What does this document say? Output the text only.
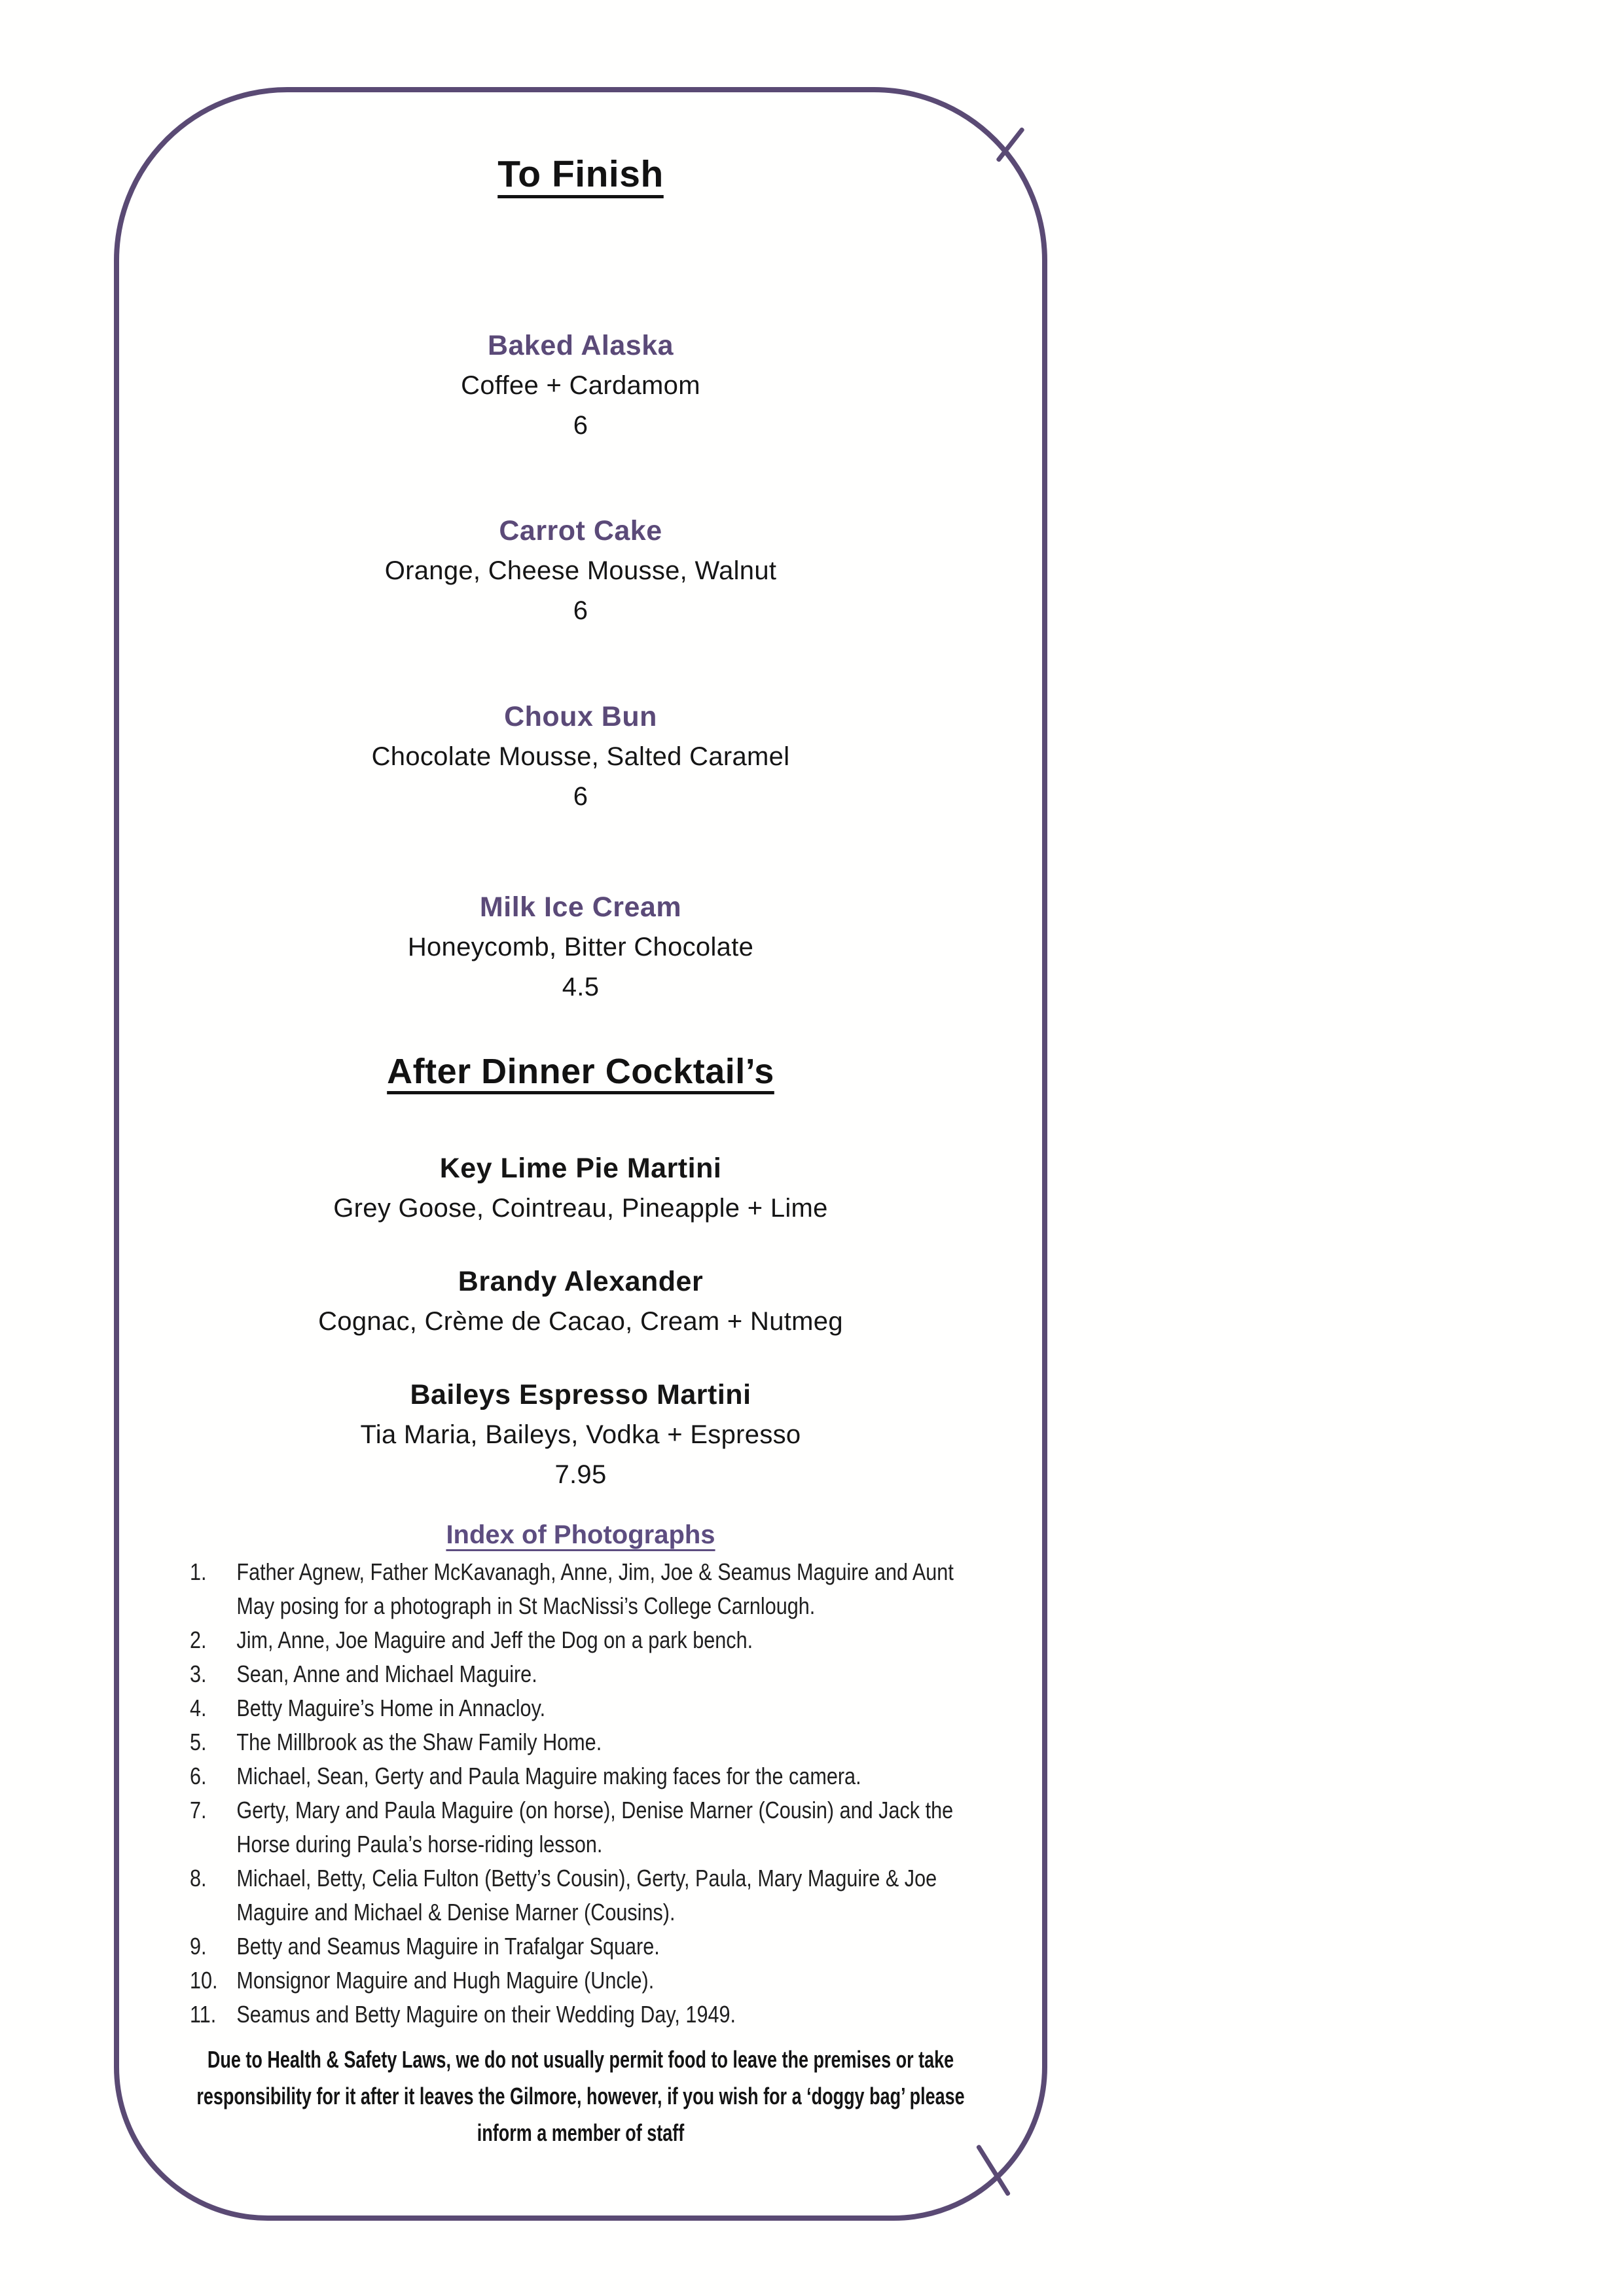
To Finish
Baked Alaska
Coffee + Cardamom
6
Carrot Cake
Orange, Cheese Mousse, Walnut
6
Choux Bun
Chocolate Mousse, Salted Caramel
6
Milk Ice Cream
Honeycomb, Bitter Chocolate
4.5
After Dinner Cocktail’s
Key Lime Pie Martini
Grey Goose, Cointreau, Pineapple + Lime
Brandy Alexander
Cognac, Crème de Cacao, Cream + Nutmeg
Baileys Espresso Martini
Tia Maria, Baileys, Vodka + Espresso
7.95
Index of Photographs
1.	Father Agnew, Father McKavanagh, Anne, Jim, Joe & Seamus Maguire and Aunt May posing for a photograph in St MacNissi’s College Carnlough.
2.	Jim, Anne, Joe Maguire and Jeff the Dog on a park bench.
3.	Sean, Anne and Michael Maguire.
4.	Betty Maguire’s Home in Annacloy.
5.	The Millbrook as the Shaw Family Home.
6.	Michael, Sean, Gerty and Paula Maguire making faces for the camera.
7.	Gerty, Mary and Paula Maguire (on horse), Denise Marner (Cousin) and Jack the Horse during Paula’s horse-riding lesson.
8.	Michael, Betty, Celia Fulton (Betty’s Cousin), Gerty, Paula, Mary Maguire & Joe Maguire and Michael & Denise Marner (Cousins).
9.	Betty and Seamus Maguire in Trafalgar Square.
10. Monsignor Maguire and Hugh Maguire (Uncle).
11. Seamus and Betty Maguire on their Wedding Day, 1949.

Due to Health & Safety Laws, we do not usually permit food to leave the premises or take responsibility for it after it leaves the Gilmore, however, if you wish for a ‘doggy bag’ please inform a member of staff
